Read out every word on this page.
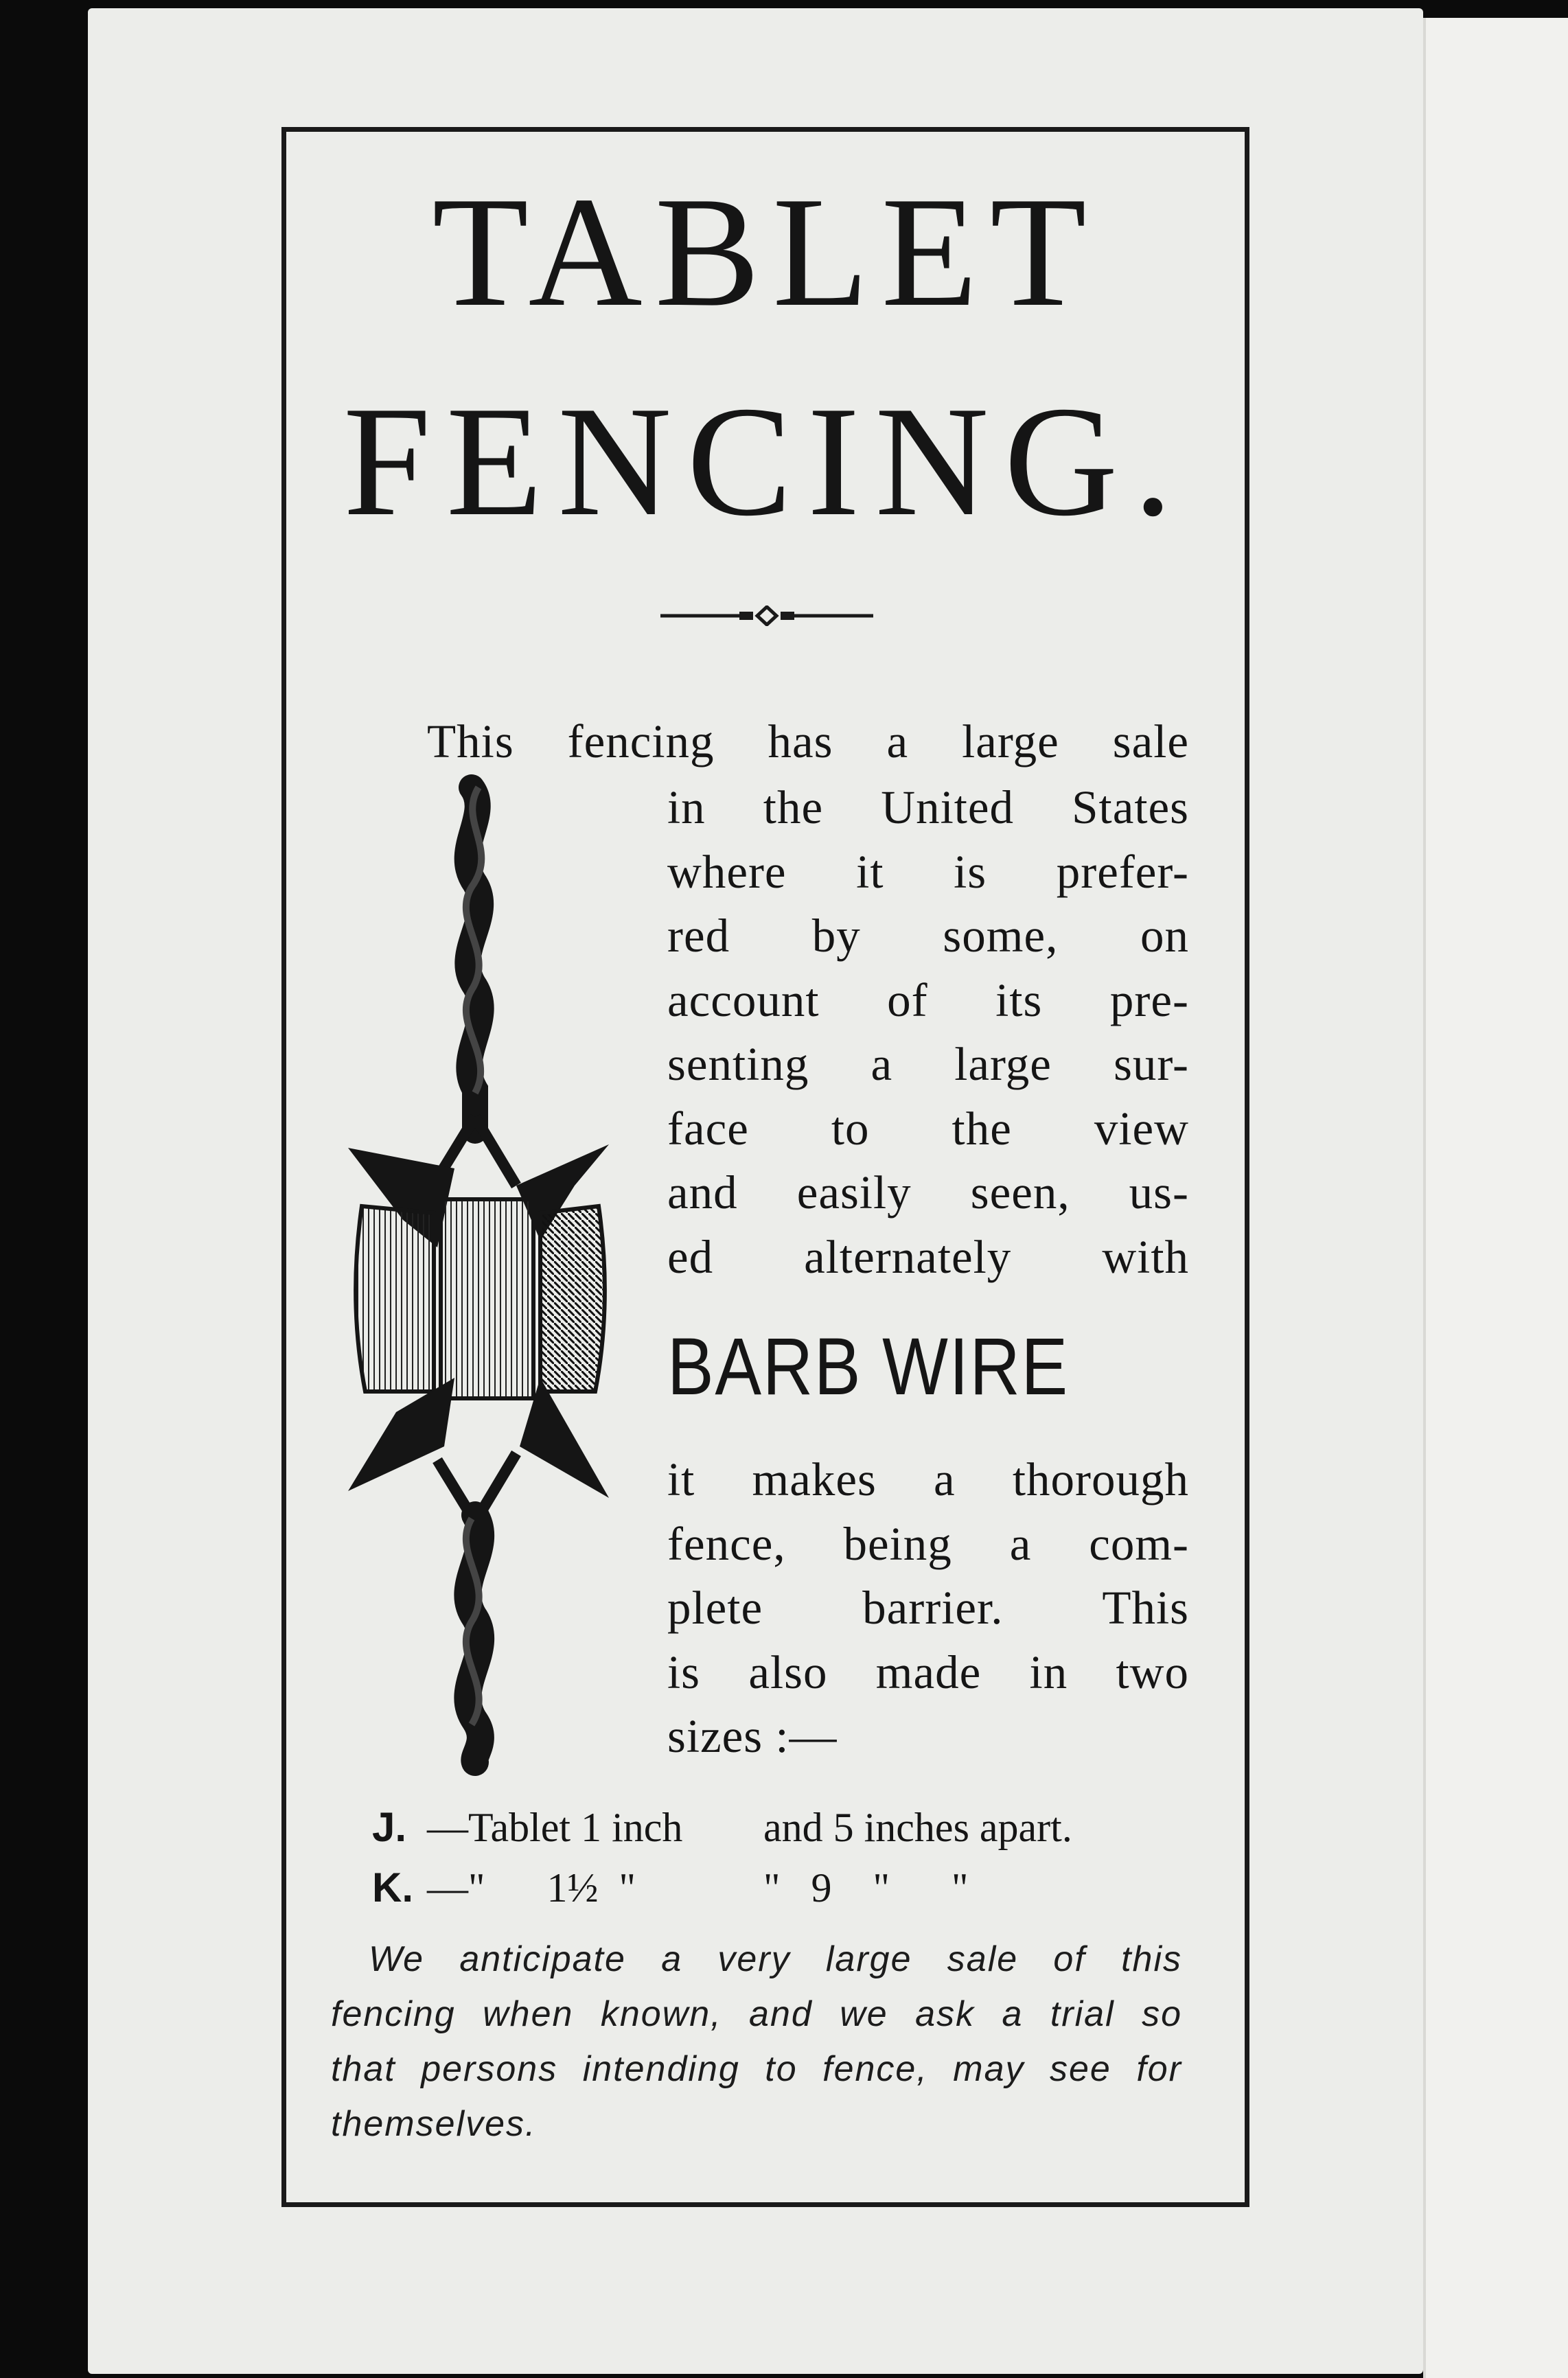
TABLET
FENCING.
This fencing has a large sale

in the United States
where it is prefer-
red by some, on
account of its pre-
senting a large sur-
face to the view
and easily seen, us-
ed alternately with

BARB WIRE

it makes a thorough
fence, being a com-
plete barrier. This
is also made in two
sizes :—

J. —Tablet 1 inch and 5 inches apart.
K. —"      1½  "	"   9    "      "

We anticipate a very large sale of this
fencing when known, and we ask a trial so
that persons intending to fence, may see for
themselves.
